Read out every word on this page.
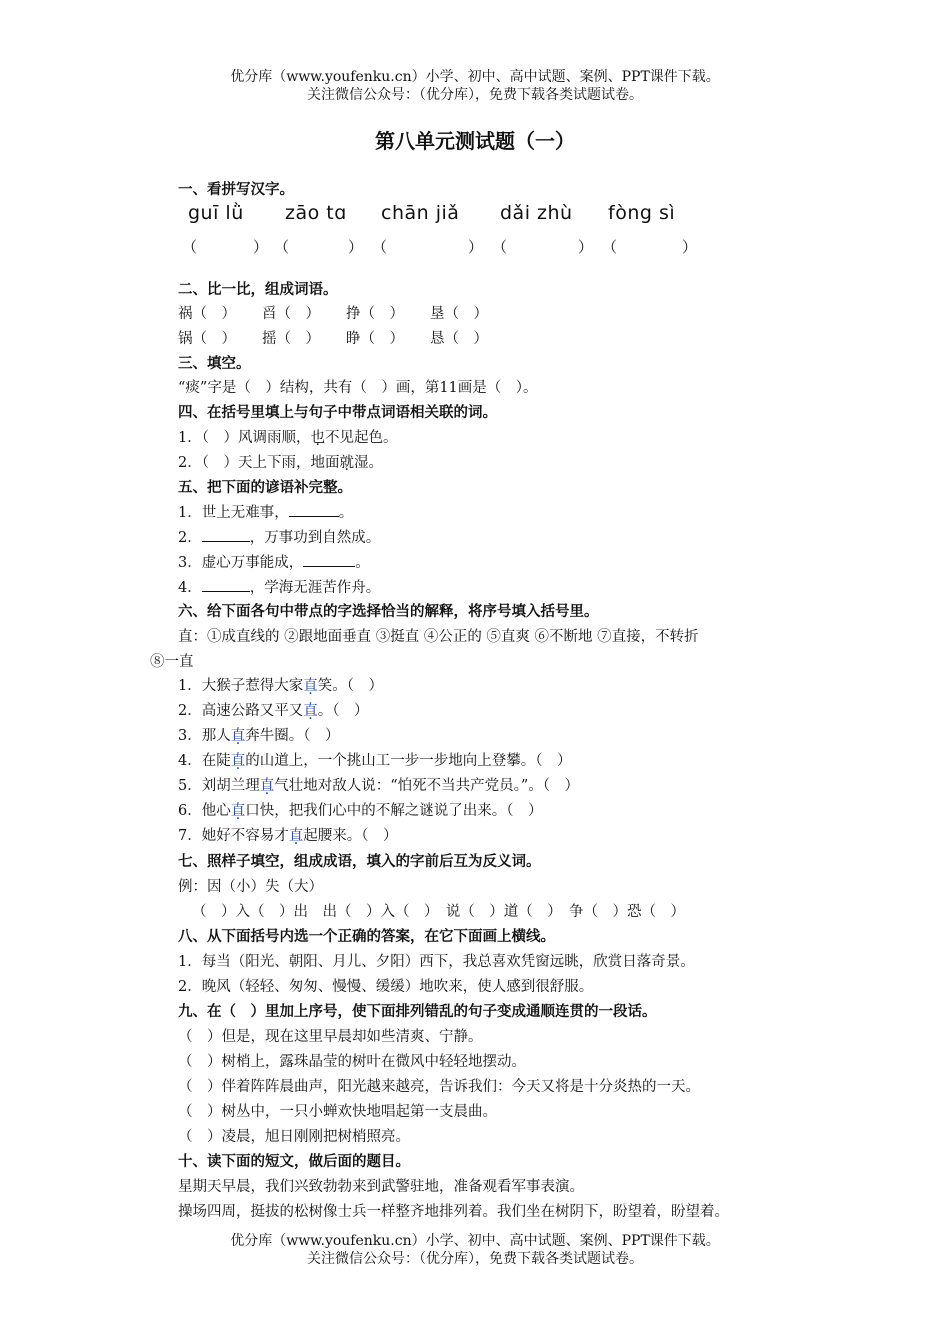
优分库（www.youfenku.cn）小学、初中、高中试题、案例、PPT课件下载。
关注微信公众号：（优分库），免费下载各类试题试卷。
第八单元测试题（一）
一、看拼写汉字。
guī lǜ zāo tɑ chān jiǎ dǎi zhù fòng sì
（	） （	） （	） （	） （	）
二、比一比，组成词语。
祸（　） 舀（　） 挣（　） 垦（　）
锅（　） 摇（　） 睁（　） 恳（　）
三、填空。
“痰”字是（　）结构，共有（　）画，第11画是（　）。
四、在括号里填上与句子中带点词语相关联的词。
1．（　）风调雨顺，也不见起色。
2．（　）天上下雨，地面就湿。
五、把下面的谚语补完整。
1．世上无难事，	。
2．	，万事功到自然成。
3．虚心万事能成，	。
4．	，学海无涯苦作舟。
六、给下面各句中带点的字选择恰当的解释，将序号填入括号里。
直：①成直线的 ②跟地面垂直 ③挺直 ④公正的 ⑤直爽 ⑥不断地 ⑦直接，不转折
⑧一直
1．大猴子惹得大家直笑。（　）
2．高速公路又平又直。（　）
3．那人直奔牛圈。（　）
4．在陡直的山道上，一个挑山工一步一步地向上登攀。（　）
5．刘胡兰理直气壮地对敌人说：“怕死不当共产党员。”。（　）
6．他心直口快，把我们心中的不解之谜说了出来。（　）
7．她好不容易才直起腰来。（　）
七、照样子填空，组成成语，填入的字前后互为反义词。
例：因（小）失（大）
（　）入（　）出　出（　）入（　）　说（　）道（　）　争（　）恐（　）
八、从下面括号内选一个正确的答案，在它下面画上横线。
1．每当（阳光、朝阳、月儿、夕阳）西下，我总喜欢凭窗远眺，欣赏日落奇景。
2．晚风（轻轻、匆匆、慢慢、缓缓）地吹来，使人感到很舒服。
九、在（　）里加上序号，使下面排列错乱的句子变成通顺连贯的一段话。
（　）但是，现在这里早晨却如些清爽、宁静。
（　）树梢上，露珠晶莹的树叶在微风中轻轻地摆动。
（　）伴着阵阵晨曲声，阳光越来越亮，告诉我们：今天又将是十分炎热的一天。
（　）树丛中，一只小蝉欢快地唱起第一支晨曲。
（　）凌晨，旭日刚刚把树梢照亮。
十、读下面的短文，做后面的题目。
星期天早晨，我们兴致勃勃来到武警驻地，准备观看军事表演。
操场四周，挺拔的松树像士兵一样整齐地排列着。我们坐在树阴下，盼望着，盼望着。
优分库（www.youfenku.cn）小学、初中、高中试题、案例、PPT课件下载。
关注微信公众号：（优分库），免费下载各类试题试卷。
